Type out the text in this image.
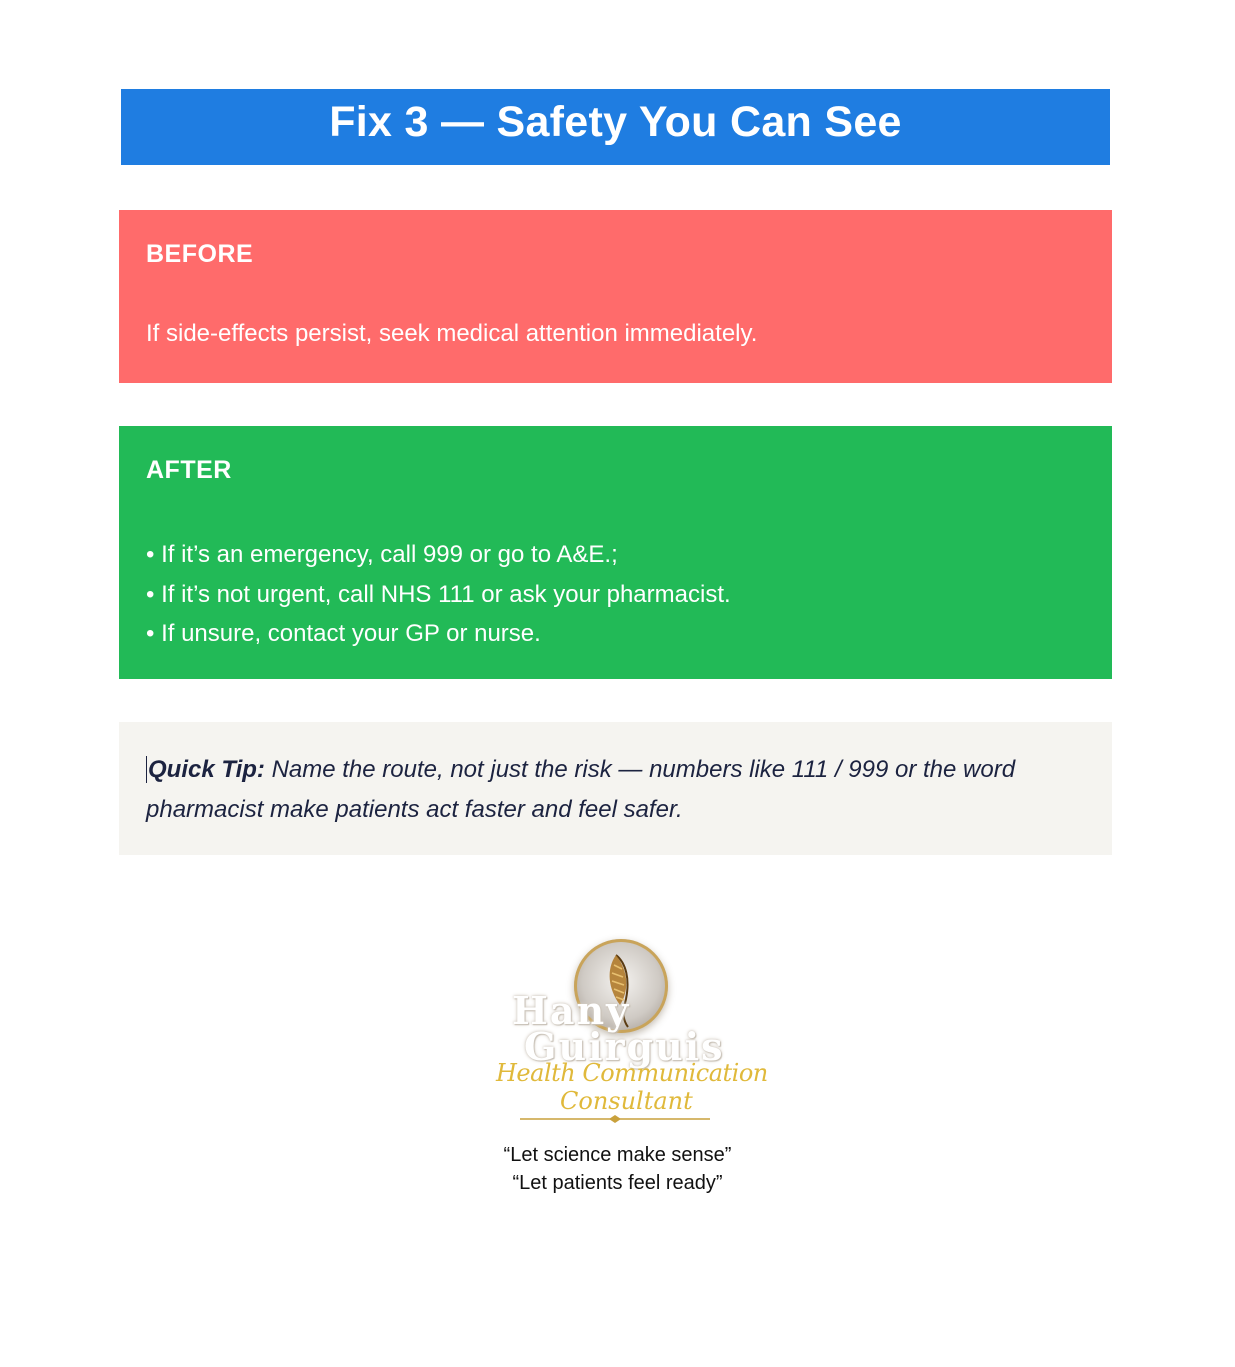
Fix 3 — Safety You Can See
BEFORE
If side-effects persist, seek medical attention immediately.
AFTER
• If it’s an emergency, call 999 or go to A&E.;
• If it’s not urgent, call NHS 111 or ask your pharmacist.
• If unsure, contact your GP or nurse.
Quick Tip: Name the route, not just the risk — numbers like 111 / 999 or the word pharmacist make patients act faster and feel safer.
Hany
Guirguis
Health Communication
Consultant
“Let science make sense”
“Let patients feel ready”
